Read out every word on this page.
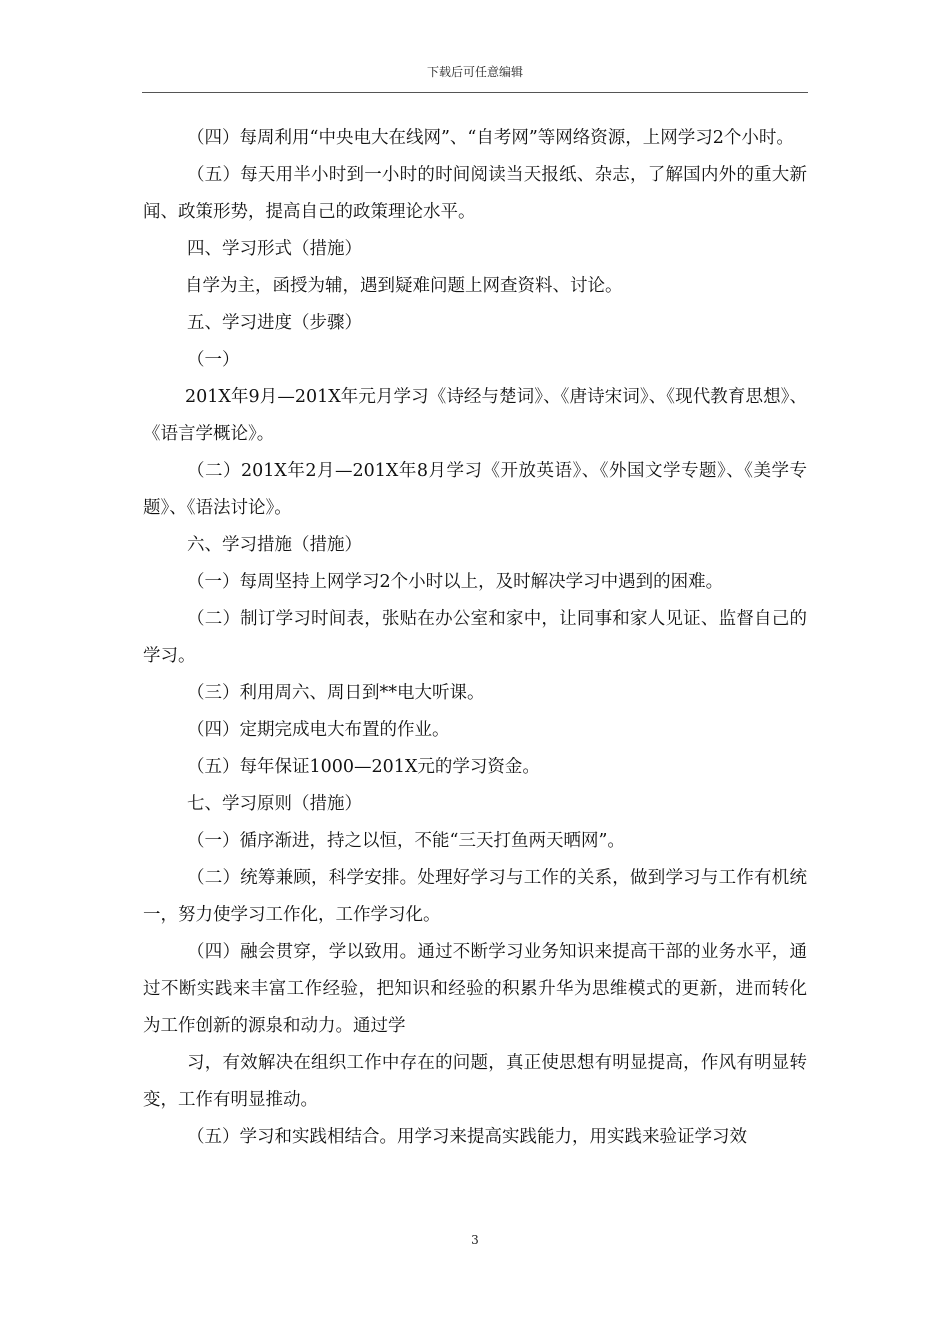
下载后可任意编辑

（四）每周利用“中央电大在线网”、“自考网”等网络资源，上网学习2个小时。

（五）每天用半小时到一小时的时间阅读当天报纸、杂志，了解国内外的重大新闻、政策形势，提高自己的政策理论水平。

四、学习形式（措施）

自学为主，函授为辅，遇到疑难问题上网查资料、讨论。

五、学习进度（步骤）

（一）

201X年9月—201X年元月学习《诗经与楚词》、《唐诗宋词》、《现代教育思想》、《语言学概论》。

（二）201X年2月—201X年8月学习《开放英语》、《外国文学专题》、《美学专题》、《语法讨论》。

六、学习措施（措施）

（一）每周坚持上网学习2个小时以上，及时解决学习中遇到的困难。

（二）制订学习时间表，张贴在办公室和家中，让同事和家人见证、监督自己的学习。

（三）利用周六、周日到**电大听课。

（四）定期完成电大布置的作业。

（五）每年保证1000—201X元的学习资金。

七、学习原则（措施）

（一）循序渐进，持之以恒，不能“三天打鱼两天晒网”。

（二）统筹兼顾，科学安排。处理好学习与工作的关系，做到学习与工作有机统一，努力使学习工作化，工作学习化。

（四）融会贯穿，学以致用。通过不断学习业务知识来提高干部的业务水平，通过不断实践来丰富工作经验，把知识和经验的积累升华为思维模式的更新，进而转化为工作创新的源泉和动力。通过学

习，有效解决在组织工作中存在的问题，真正使思想有明显提高，作风有明显转变，工作有明显推动。

（五）学习和实践相结合。用学习来提高实践能力，用实践来验证学习效

3
